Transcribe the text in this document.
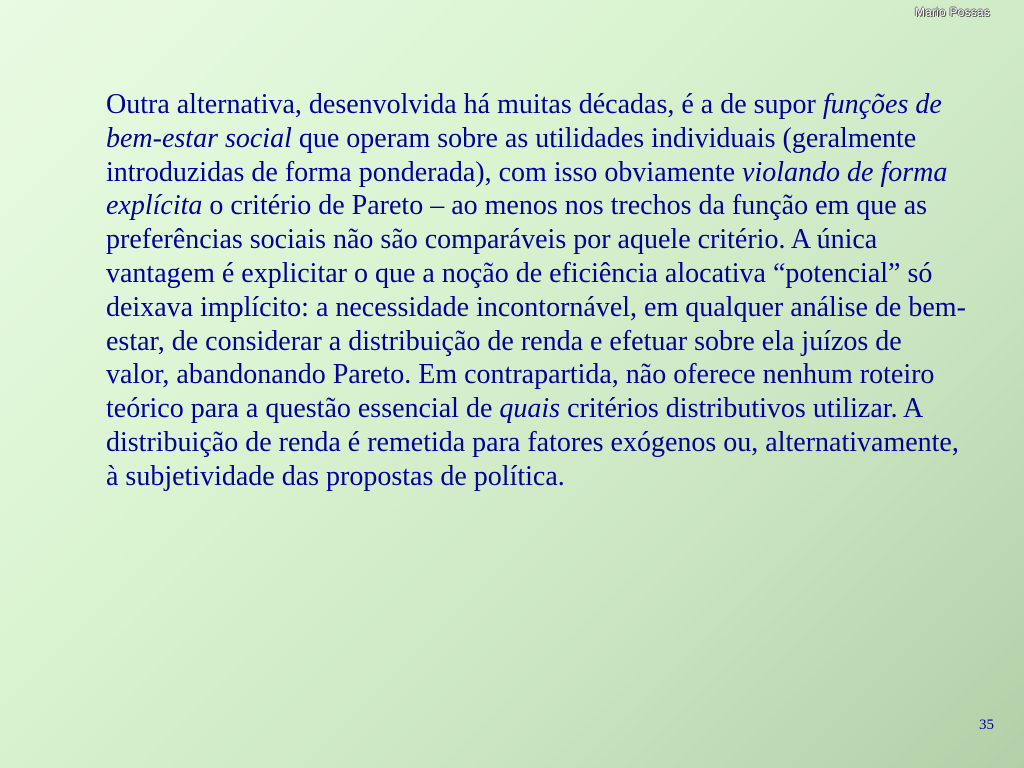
Mario Possas

Outra alternativa, desenvolvida há muitas décadas, é a de supor funções de bem-estar social que operam sobre as utilidades individuais (geralmente introduzidas de forma ponderada), com isso obviamente violando de forma explícita o critério de Pareto – ao menos nos trechos da função em que as preferências sociais não são comparáveis por aquele critério. A única vantagem é explicitar o que a noção de eficiência alocativa “potencial” só deixava implícito: a necessidade incontornável, em qualquer análise de bem-estar, de considerar a distribuição de renda e efetuar sobre ela juízos de valor, abandonando Pareto. Em contrapartida, não oferece nenhum roteiro teórico para a questão essencial de quais critérios distributivos utilizar. A distribuição de renda é remetida para fatores exógenos ou, alternativamente, à subjetividade das propostas de política.

35
